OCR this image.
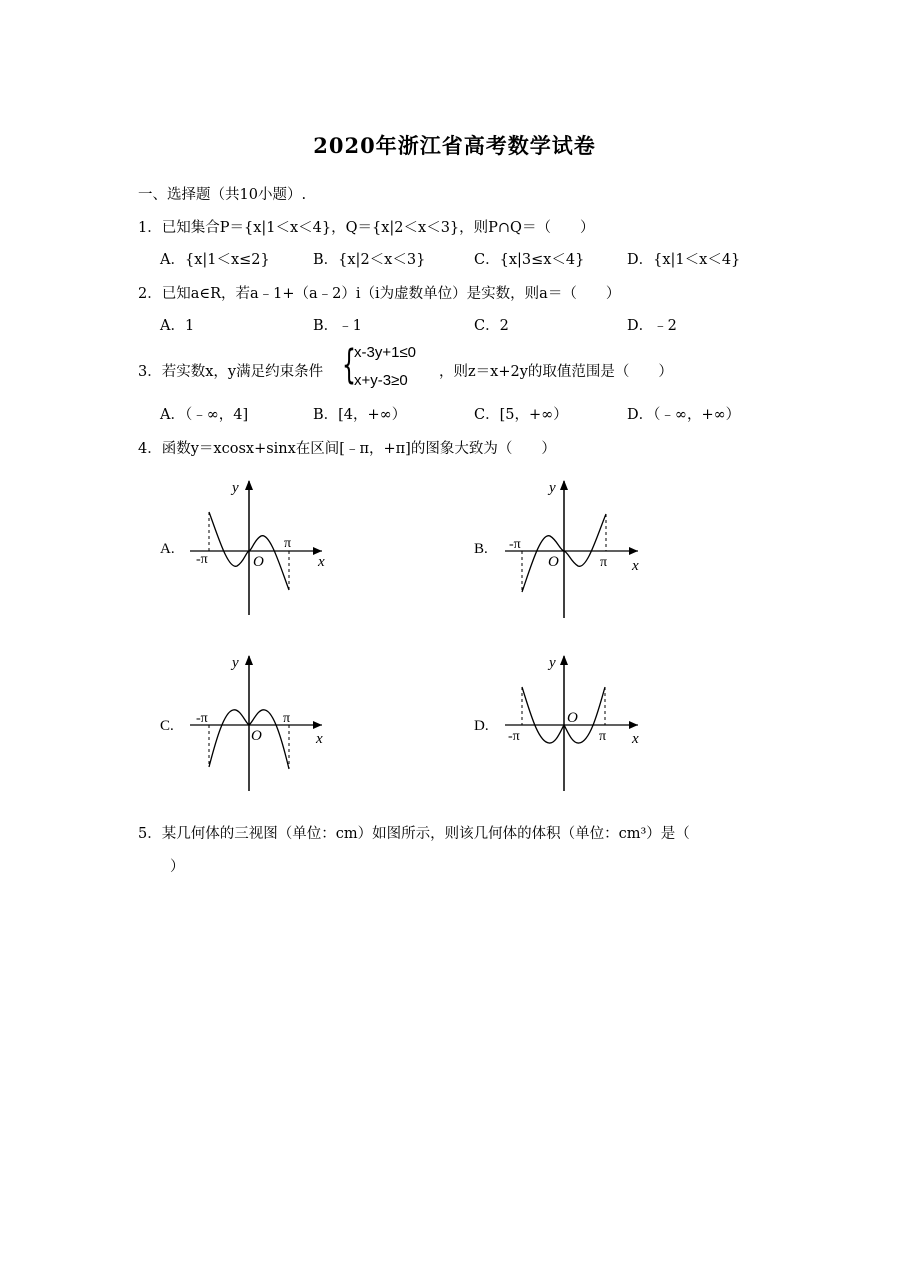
2020年浙江省高考数学试卷
一、选择题（共10小题）.
1．已知集合P＝{x|1＜x＜4}，Q＝{x|2＜x＜3}，则P∩Q＝（　　）
A．{x|1＜x≤2}	B．{x|2＜x＜3}	C．{x|3≤x＜4}	D．{x|1＜x＜4}
2．已知a∈R，若a﹣1+（a﹣2）i（i为虚数单位）是实数，则a＝（　　）
A．1	B．﹣1	C．2	D．﹣2
3．若实数x，y满足约束条件 {
x-3y+1≤0
x+y-3≥0 ，则z＝x+2y的取值范围是（　　）
A．（﹣∞，4]	B．[4，+∞）	C．[5，+∞）	D．（﹣∞，+∞）
4．函数y＝xcosx+sinx在区间[﹣π，+π]的图象大致为（　　）
A.
y
x
O
-π
π	B.
y
x
O
-π
π
C.
y
x
O
-π	π	D.
y
x
O
-π	π
5．某几何体的三视图（单位：cm）如图所示，则该几何体的体积（单位：cm³）是（
）
